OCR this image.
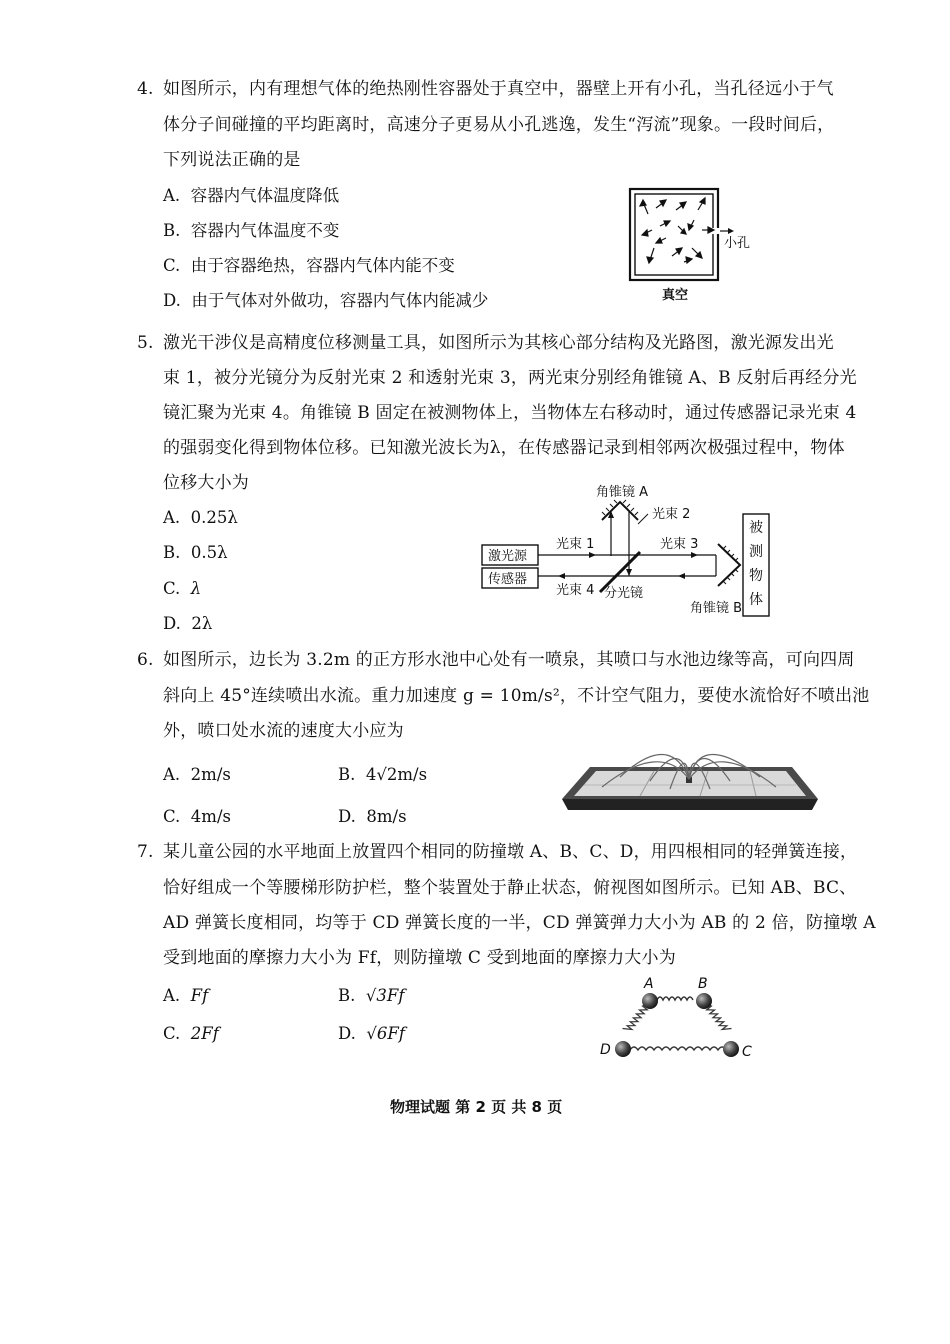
4. 如图所示，内有理想气体的绝热刚性容器处于真空中，器壁上开有小孔，当孔径远小于气
体分子间碰撞的平均距离时，高速分子更易从小孔逃逸，发生“泻流”现象。一段时间后，
下列说法正确的是
A. 容器内气体温度降低
B. 容器内气体温度不变
C. 由于容器绝热，容器内气体内能不变
D. 由于气体对外做功，容器内气体内能减少
小孔
真空
5. 激光干涉仪是高精度位移测量工具，如图所示为其核心部分结构及光路图，激光源发出光
束 1，被分光镜分为反射光束 2 和透射光束 3，两光束分别经角锥镜 A、B 反射后再经分光
镜汇聚为光束 4。角锥镜 B 固定在被测物体上，当物体左右移动时，通过传感器记录光束 4
的强弱变化得到物体位移。已知激光波长为λ，在传感器记录到相邻两次极强过程中，物体
位移大小为
A. 0.25λ
B. 0.5λ
C. λ
D. 2λ
角锥镜 A
光束 2
激光源
传感器
光束 1	光束 3
光束 4 分光镜
角锥镜 B
被
测
物
体
6. 如图所示，边长为 3.2m 的正方形水池中心处有一喷泉，其喷口与水池边缘等高，可向四周
斜向上 45°连续喷出水流。重力加速度 g = 10m/s²，不计空气阻力，要使水流恰好不喷出池
外，喷口处水流的速度大小应为
A. 2m/s	B. 4√2m/s
C. 4m/s	D. 8m/s
7. 某儿童公园的水平地面上放置四个相同的防撞墩 A、B、C、D，用四根相同的轻弹簧连接，
恰好组成一个等腰梯形防护栏，整个装置处于静止状态，俯视图如图所示。已知 AB、BC、
AD 弹簧长度相同，均等于 CD 弹簧长度的一半，CD 弹簧弹力大小为 AB 的 2 倍，防撞墩 A
受到地面的摩擦力大小为 Ff，则防撞墩 C 受到地面的摩擦力大小为
A. Ff	B. √3Ff
C. 2Ff	D. √6Ff
A	B
C
D
物理试题 第 2 页 共 8 页
